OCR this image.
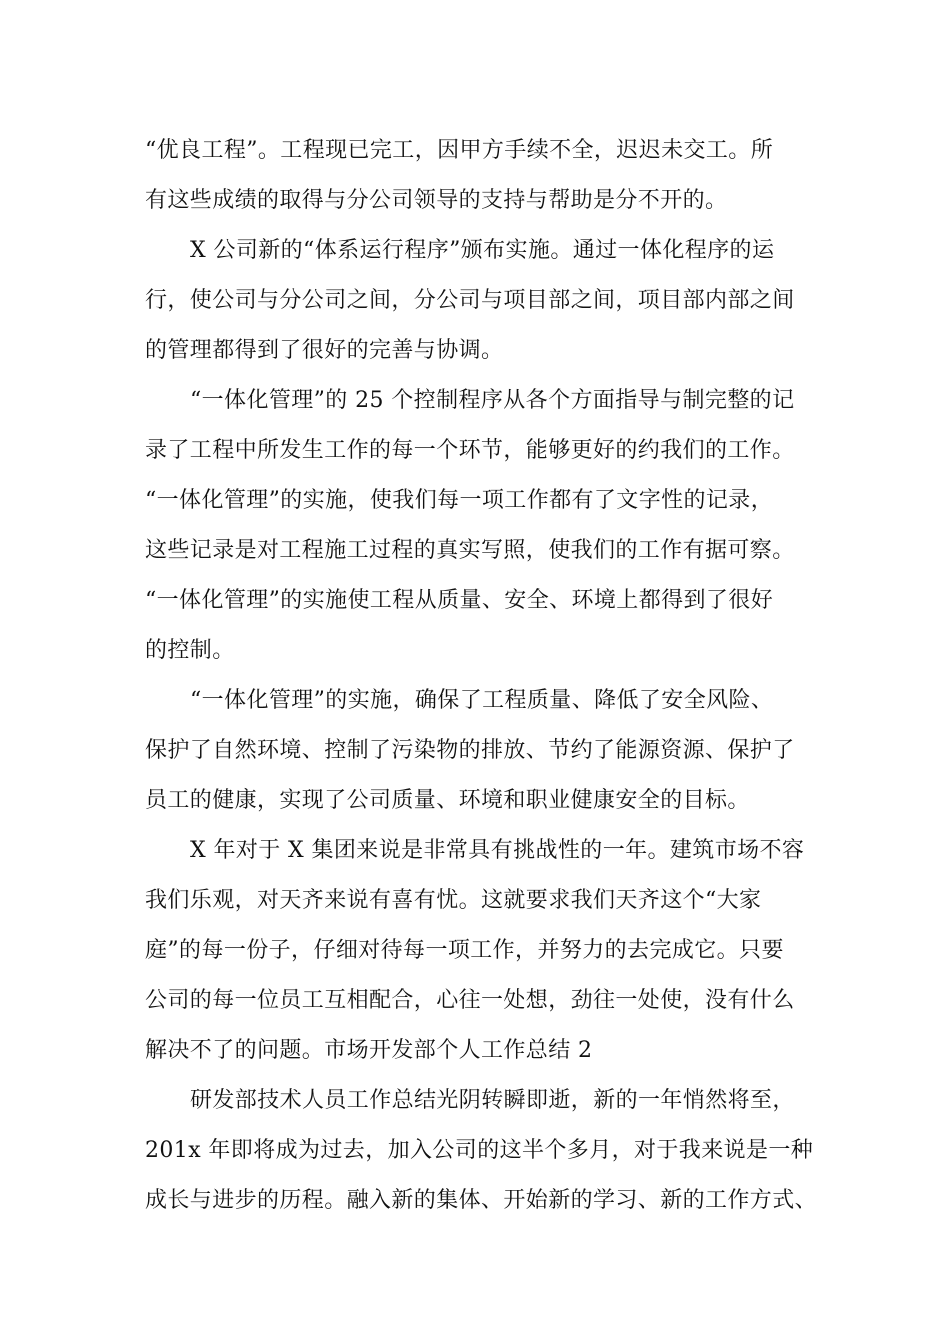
“优良工程”。工程现已完工，因甲方手续不全，迟迟未交工。所

有这些成绩的取得与分公司领导的支持与帮助是分不开的。

X 公司新的“体系运行程序”颁布实施。通过一体化程序的运

行，使公司与分公司之间，分公司与项目部之间，项目部内部之间

的管理都得到了很好的完善与协调。

“一体化管理”的 25 个控制程序从各个方面指导与制完整的记

录了工程中所发生工作的每一个环节，能够更好的约我们的工作。

“一体化管理”的实施，使我们每一项工作都有了文字性的记录，

这些记录是对工程施工过程的真实写照，使我们的工作有据可察。

“一体化管理”的实施使工程从质量、安全、环境上都得到了很好

的控制。

“一体化管理”的实施，确保了工程质量、降低了安全风险、

保护了自然环境、控制了污染物的排放、节约了能源资源、保护了

员工的健康，实现了公司质量、环境和职业健康安全的目标。

X 年对于 X 集团来说是非常具有挑战性的一年。建筑市场不容

我们乐观，对天齐来说有喜有忧。这就要求我们天齐这个“大家

庭”的每一份子，仔细对待每一项工作，并努力的去完成它。只要

公司的每一位员工互相配合，心往一处想，劲往一处使，没有什么

解决不了的问题。市场开发部个人工作总结 2

研发部技术人员工作总结光阴转瞬即逝，新的一年悄然将至，

201x 年即将成为过去，加入公司的这半个多月，对于我来说是一种

成长与进步的历程。融入新的集体、开始新的学习、新的工作方式、
